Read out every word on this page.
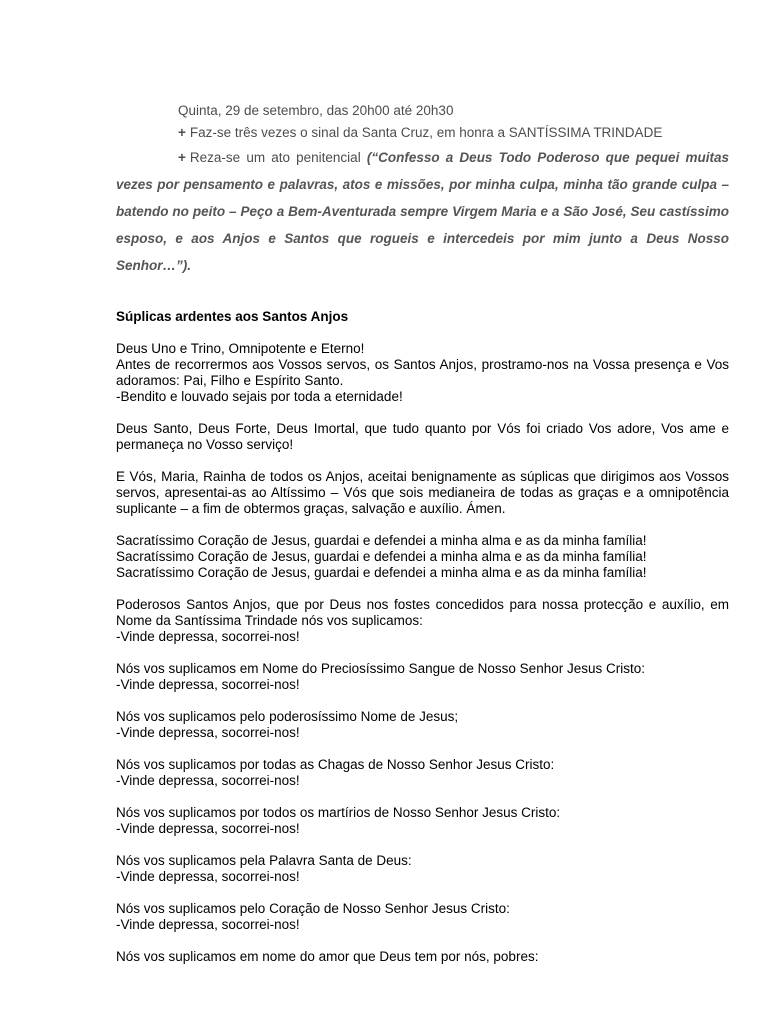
Quinta, 29 de setembro, das 20h00 até 20h30

+ Faz-se três vezes o sinal da Santa Cruz, em honra a SANTÍSSIMA TRINDADE

+ Reza-se um ato penitencial (“Confesso a Deus Todo Poderoso que pequei muitas vezes por pensamento e palavras, atos e missões, por minha culpa, minha tão grande culpa – batendo no peito – Peço a Bem-Aventurada sempre Virgem Maria e a São José, Seu castíssimo esposo, e aos Anjos e Santos que rogueis e intercedeis por mim junto a Deus Nosso Senhor…”).

Súplicas ardentes aos Santos Anjos

Deus Uno e Trino, Omnipotente e Eterno!
Antes de recorrermos aos Vossos servos, os Santos Anjos, prostramo-nos na Vossa presença e Vos adoramos: Pai, Filho e Espírito Santo.
-Bendito e louvado sejais por toda a eternidade!

Deus Santo, Deus Forte, Deus Imortal, que tudo quanto por Vós foi criado Vos adore, Vos ame e permaneça no Vosso serviço!

E Vós, Maria, Rainha de todos os Anjos, aceitai benignamente as súplicas que dirigimos aos Vossos servos, apresentai-as ao Altíssimo – Vós que sois medianeira de todas as graças e a omnipotência suplicante – a fim de obtermos graças, salvação e auxílio. Ámen.

Sacratíssimo Coração de Jesus, guardai e defendei a minha alma e as da minha família!
Sacratíssimo Coração de Jesus, guardai e defendei a minha alma e as da minha família!
Sacratíssimo Coração de Jesus, guardai e defendei a minha alma e as da minha família!

Poderosos Santos Anjos, que por Deus nos fostes concedidos para nossa protecção e auxílio, em Nome da Santíssima Trindade nós vos suplicamos:
-Vinde depressa, socorrei-nos!

Nós vos suplicamos em Nome do Preciosíssimo Sangue de Nosso Senhor Jesus Cristo:
-Vinde depressa, socorrei-nos!

Nós vos suplicamos pelo poderosíssimo Nome de Jesus;
-Vinde depressa, socorrei-nos!

Nós vos suplicamos por todas as Chagas de Nosso Senhor Jesus Cristo:
-Vinde depressa, socorrei-nos!

Nós vos suplicamos por todos os martírios de Nosso Senhor Jesus Cristo:
-Vinde depressa, socorrei-nos!

Nós vos suplicamos pela Palavra Santa de Deus:
-Vinde depressa, socorrei-nos!

Nós vos suplicamos pelo Coração de Nosso Senhor Jesus Cristo:
-Vinde depressa, socorrei-nos!

Nós vos suplicamos em nome do amor que Deus tem por nós, pobres:
